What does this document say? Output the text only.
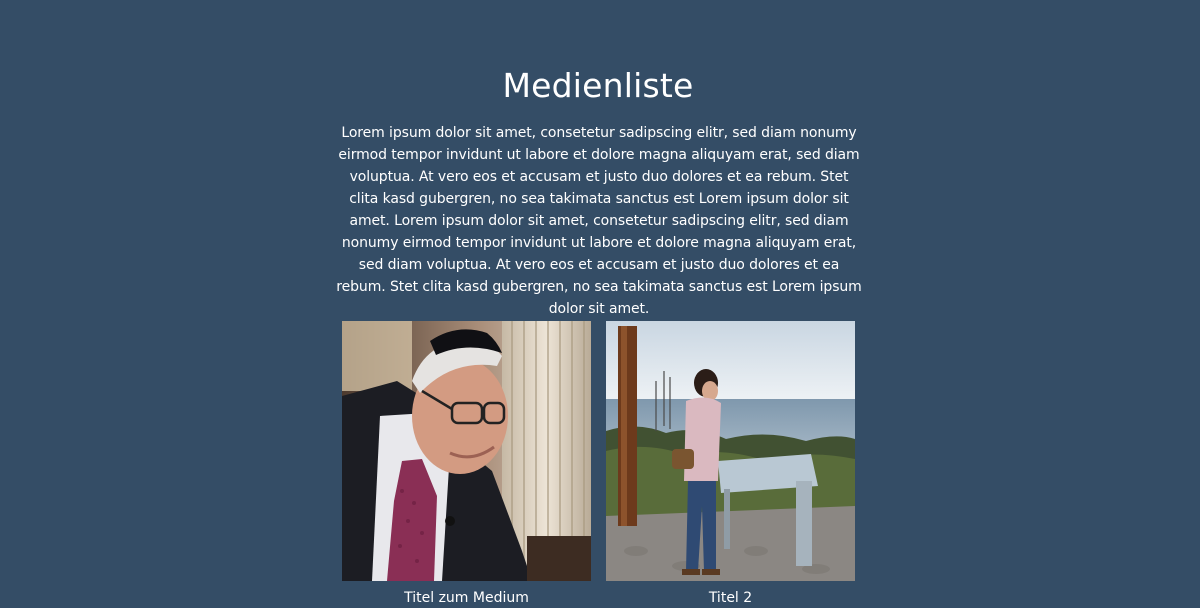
Medienliste

Lorem ipsum dolor sit amet, consetetur sadipscing elitr, sed diam nonumy eirmod tempor invidunt ut labore et dolore magna aliquyam erat, sed diam voluptua. At vero eos et accusam et justo duo dolores et ea rebum. Stet clita kasd gubergren, no sea takimata sanctus est Lorem ipsum dolor sit amet. Lorem ipsum dolor sit amet, consetetur sadipscing elitr, sed diam nonumy eirmod tempor invidunt ut labore et dolore magna aliquyam erat, sed diam voluptua. At vero eos et accusam et justo duo dolores et ea rebum. Stet clita kasd gubergren, no sea takimata sanctus est Lorem ipsum dolor sit amet.

Titel zum Medium	Titel 2
